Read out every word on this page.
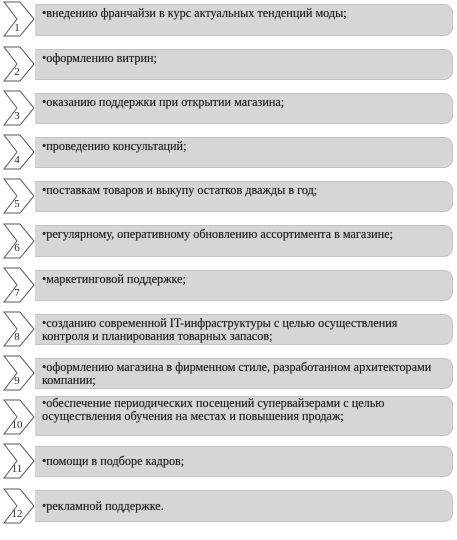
•внедению франчайзи в курс актуальных тенденций моды;
1
•оформлению витрин;
2
•оказанию поддержки при открытии магазина;
3
•проведению консультаций;
4
•поставкам товаров и выкупу остатков дважды в год;
5
•регулярному, оперативному обновлению ассортимента в магазине;
6
•маркетинговой поддержке;
7
•созданию современной IT-инфраструктуры с целью осуществления контроля и планирования товарных запасов;
8
•оформлению магазина в фирменном стиле, разработанном архитекторами компании;
9
•обеспечение периодических посещений супервайзерами с целью осуществления обучения на местах и повышения продаж;
10
•помощи в подборе кадров;
11
•рекламной поддержке.
12
